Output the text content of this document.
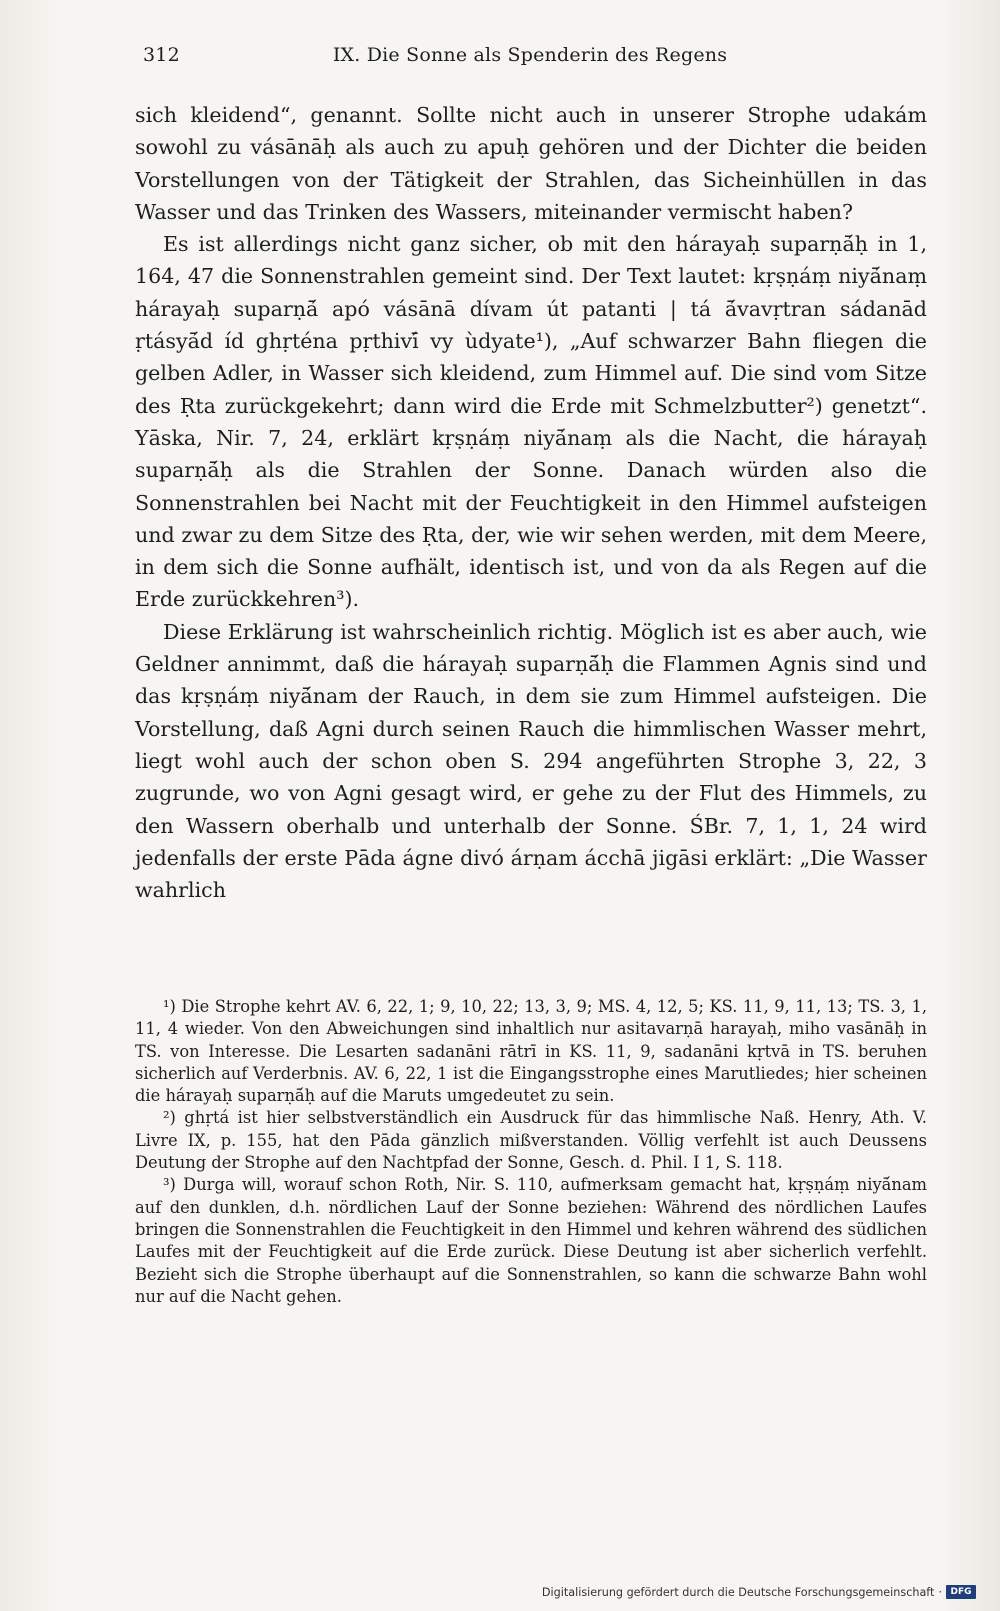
312	IX. Die Sonne als Spenderin des Regens

sich kleidend“, genannt. Sollte nicht auch in unserer Strophe udakám sowohl zu vásānāḥ als auch zu apuḥ gehören und der Dichter die beiden Vorstellungen von der Tätigkeit der Strahlen, das Sicheinhüllen in das Wasser und das Trinken des Wassers, miteinander vermischt haben?

Es ist allerdings nicht ganz sicher, ob mit den hárayaḥ suparṇā́ḥ in 1, 164, 47 die Sonnenstrahlen gemeint sind. Der Text lautet: kṛṣṇáṃ niyā́naṃ hárayaḥ suparṇā́ apó vásānā dívam út patanti | tá ā́vavṛtran sádanād ṛtásyā́d íd ghṛténa pṛthivī́ vy ùdyate¹), „Auf schwarzer Bahn fliegen die gelben Adler, in Wasser sich kleidend, zum Himmel auf. Die sind vom Sitze des Ṛta zurückgekehrt; dann wird die Erde mit Schmelzbutter²) genetzt“. Yāska, Nir. 7, 24, erklärt kṛṣṇáṃ niyā́naṃ als die Nacht, die hárayaḥ suparṇā́ḥ als die Strahlen der Sonne. Danach würden also die Sonnenstrahlen bei Nacht mit der Feuchtigkeit in den Himmel aufsteigen und zwar zu dem Sitze des Ṛta, der, wie wir sehen werden, mit dem Meere, in dem sich die Sonne aufhält, identisch ist, und von da als Regen auf die Erde zurückkehren³).

Diese Erklärung ist wahrscheinlich richtig. Möglich ist es aber auch, wie Geldner annimmt, daß die hárayaḥ suparṇā́ḥ die Flammen Agnis sind und das kṛṣṇáṃ niyā́nam der Rauch, in dem sie zum Himmel aufsteigen. Die Vorstellung, daß Agni durch seinen Rauch die himmlischen Wasser mehrt, liegt wohl auch der schon oben S. 294 angeführten Strophe 3, 22, 3 zugrunde, wo von Agni gesagt wird, er gehe zu der Flut des Himmels, zu den Wassern oberhalb und unterhalb der Sonne. ŚBr. 7, 1, 1, 24 wird jedenfalls der erste Pāda ágne divó árṇam ácchā jigāsi erklärt: „Die Wasser wahrlich

¹) Die Strophe kehrt AV. 6, 22, 1; 9, 10, 22; 13, 3, 9; MS. 4, 12, 5; KS. 11, 9, 11, 13; TS. 3, 1, 11, 4 wieder. Von den Abweichungen sind inhaltlich nur asitavarṇā harayaḥ, miho vasānāḥ in TS. von Interesse. Die Lesarten sadanāni rātrī in KS. 11, 9, sadanāni kṛtvā in TS. beruhen sicherlich auf Verderbnis. AV. 6, 22, 1 ist die Eingangsstrophe eines Marutliedes; hier scheinen die hárayaḥ suparṇā́ḥ auf die Maruts umgedeutet zu sein.

²) ghṛtá ist hier selbstverständlich ein Ausdruck für das himmlische Naß. Henry, Ath. V. Livre IX, p. 155, hat den Pāda gänzlich mißverstanden. Völlig verfehlt ist auch Deussens Deutung der Strophe auf den Nachtpfad der Sonne, Gesch. d. Phil. I 1, S. 118.

³) Durga will, worauf schon Roth, Nir. S. 110, aufmerksam gemacht hat, kṛṣṇáṃ niyā́nam auf den dunklen, d.h. nördlichen Lauf der Sonne beziehen: Während des nördlichen Laufes bringen die Sonnenstrahlen die Feuchtigkeit in den Himmel und kehren während des südlichen Laufes mit der Feuchtigkeit auf die Erde zurück. Diese Deutung ist aber sicherlich verfehlt. Bezieht sich die Strophe überhaupt auf die Sonnenstrahlen, so kann die schwarze Bahn wohl nur auf die Nacht gehen.

Digitalisierung gefördert durch die Deutsche Forschungsgemeinschaft · DFG
